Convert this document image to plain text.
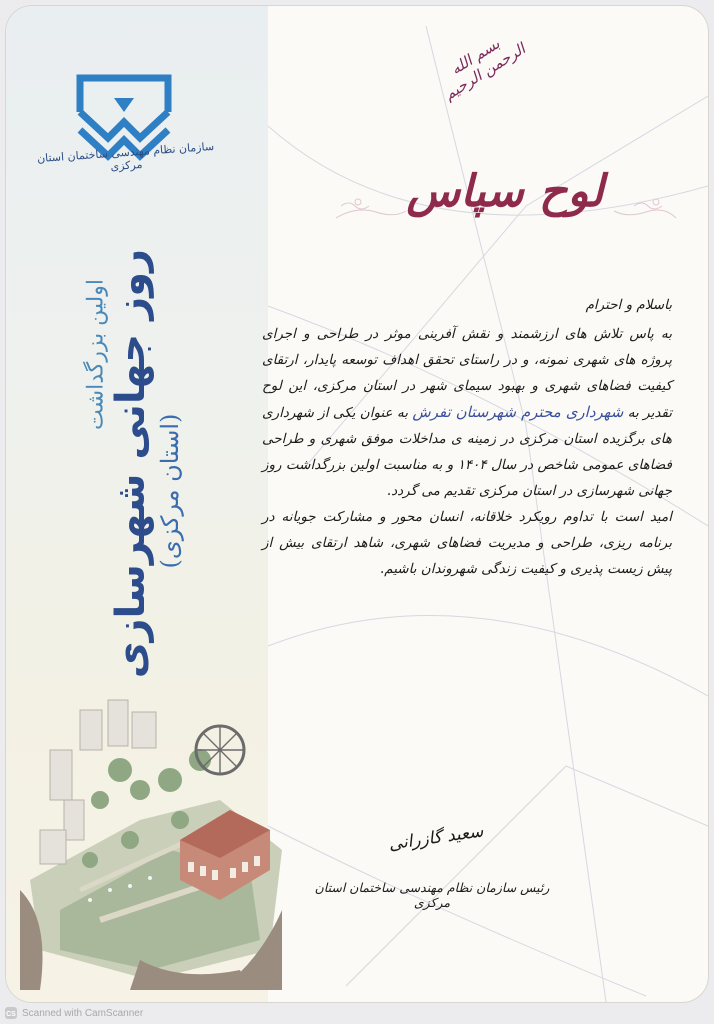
سازمان نظام مهندسی ساختمان استان مرکزی
اولین بزرگداشت روز جهانی شهرسازی (استان مرکزی)
بسم الله الرحمن الرحیم
لوح سپاس

باسلام و احترام

به پاس تلاش های ارزشمند و نقش آفرینی موثر در طراحی و اجرای پروژه های شهری نمونه، و در راستای تحقق اهداف توسعه پایدار، ارتقای کیفیت فضاهای شهری و بهبود سیمای شهر در استان مرکزی، این لوح تقدیر به شهرداری محترم شهرستان تفرش به عنوان یکی از شهرداری های برگزیده استان مرکزی در زمینه ی مداخلات موفق شهری و طراحی فضاهای عمومی شاخص در سال ۱۴۰۴ و به مناسبت اولین بزرگداشت روز جهانی شهرسازی در استان مرکزی تقدیم می گردد.

امید است با تداوم رویکرد خلاقانه، انسان محور و مشارکت جویانه در برنامه ریزی، طراحی و مدیریت فضاهای شهری، شاهد ارتقای بیش از پیش زیست پذیری و کیفیت زندگی شهروندان باشیم.

سعید گازرانی
رئیس سازمان نظام مهندسی ساختمان استان مرکزی
CS Scanned with CamScanner
